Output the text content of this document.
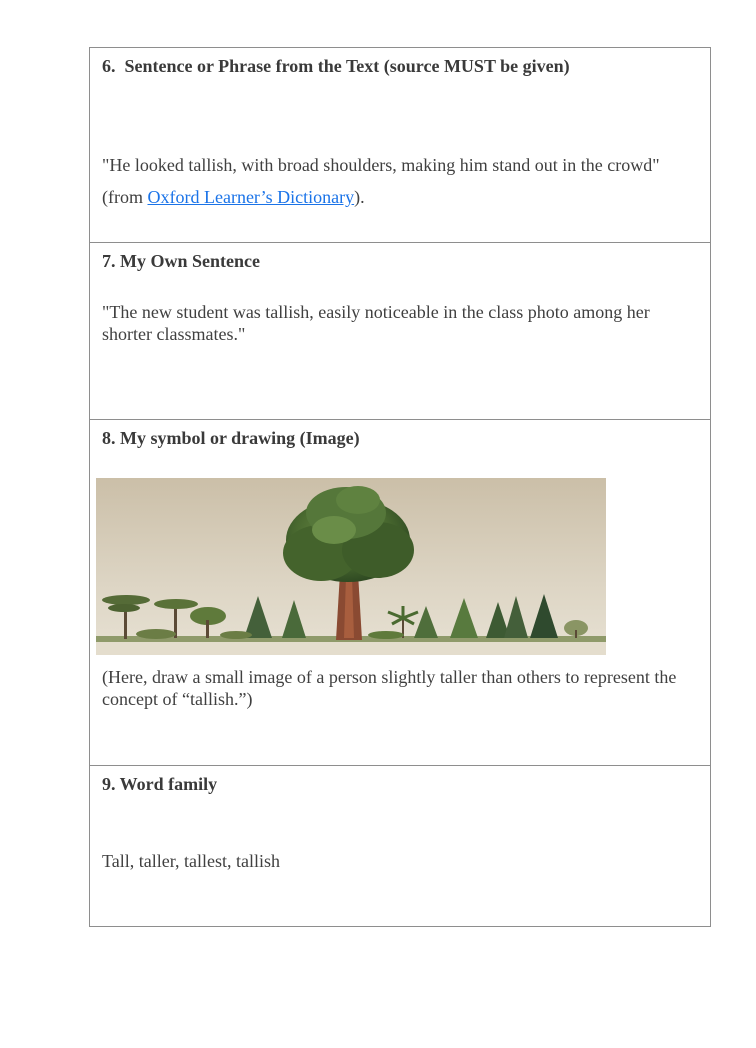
6.  Sentence or Phrase from the Text (source MUST be given)
"He looked tallish, with broad shoulders, making him stand out in the crowd"
(from Oxford Learner’s Dictionary).
7. My Own Sentence
"The new student was tallish, easily noticeable in the class photo among her shorter classmates."
8. My symbol or drawing (Image)
(Here, draw a small image of a person slightly taller than others to represent the concept of “tallish.”)
9. Word family
Tall, taller, tallest, tallish
